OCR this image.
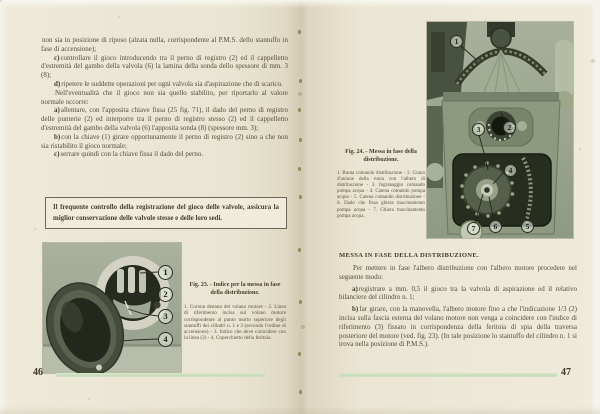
non sia in posizione di riposo (alzata nulla, corrispondente al P.M.S. dello stantuffo in fase di accensione);

c)controllare il gioco introducendo tra il perno di registro (2) ed il cappelletto d'estremità del gambo della valvola (6) la lamina della sonda dello spessore di mm. 3 (8);

d)ripetere le suddette operazioni per ogni valvola sia d'aspirazione che di scarico.

Nell'eventualità che il gioco non sia quello stabilito, per riportarlo al valore normale occorre:

a)allentare, con l'apposita chiave fissa (25 fig. 71), il dado del perno di registro delle punterie (2) ed interporre tra il perno di registro stesso (2) ed il cappelletto d'estremità del gambo della valvola (6) l'apposita sonda (8) (spessore mm. 3);

b)con la chiave (1) girare opportunamente il perno di registro (2) sino a che non sia ristabilito il gioco normale;

c)serrare quindi con la chiave fissa il dado del perno.

Il frequente controllo della registrazione del gioco delle valvole, assicura la miglior conservazione delle valvole stesse e delle loro sedi.
1
2
3
4
Fig. 23. - Indice per la messa in fase della distribuzione.
1. Corona dentata del volano motore - 2. Linea di riferimento incisa sul volano motore corrispondente al punto morto superiore degli stantuffi dei cilindri n. 1 e 3 (secondo l'ordine di accensione) - 3. Indice che deve coincidere con la linea (2) - 4. Coperchietto della feritoia.
46
1
2
3
4
5
6
7
Fig. 24. - Messa in fase della distribuzione.
1. Ruota comando distribuzione - 2. Grano d'unione della ruota con l'albero di distribuzione - 3. Ingranaggio comando pompa acqua - 4. Catena comando pompa acqua - 5. Catena comando distribuzione - 6. Dado che fissa ghiera trascinamento pompa acqua - 7. Ghiera trascinamento pompa acqua.
MESSA IN FASE DELLA DISTRIBUZIONE.

Per mettere in fase l'albero distribuzione con l'albero motore procedere nel seguente modo:

a)registrare a mm. 0,5 il gioco tra la valvola di aspirazione ed il relativo bilanciere del cilindro n. 1;

b)far girare, con la manovella, l'albero motore fino a che l'indicazione 1/3 (2) incisa sulla fascia esterna del volano motore non venga a coincidere con l'indice di riferimento (3) fissato in corrispondenza della feritoia di spia della traversa posteriore del motore (ved. fig. 23). (In tale posizione lo stantuffo del cilindro n. 1 si trova nella posizione di P.M.S.).

47
